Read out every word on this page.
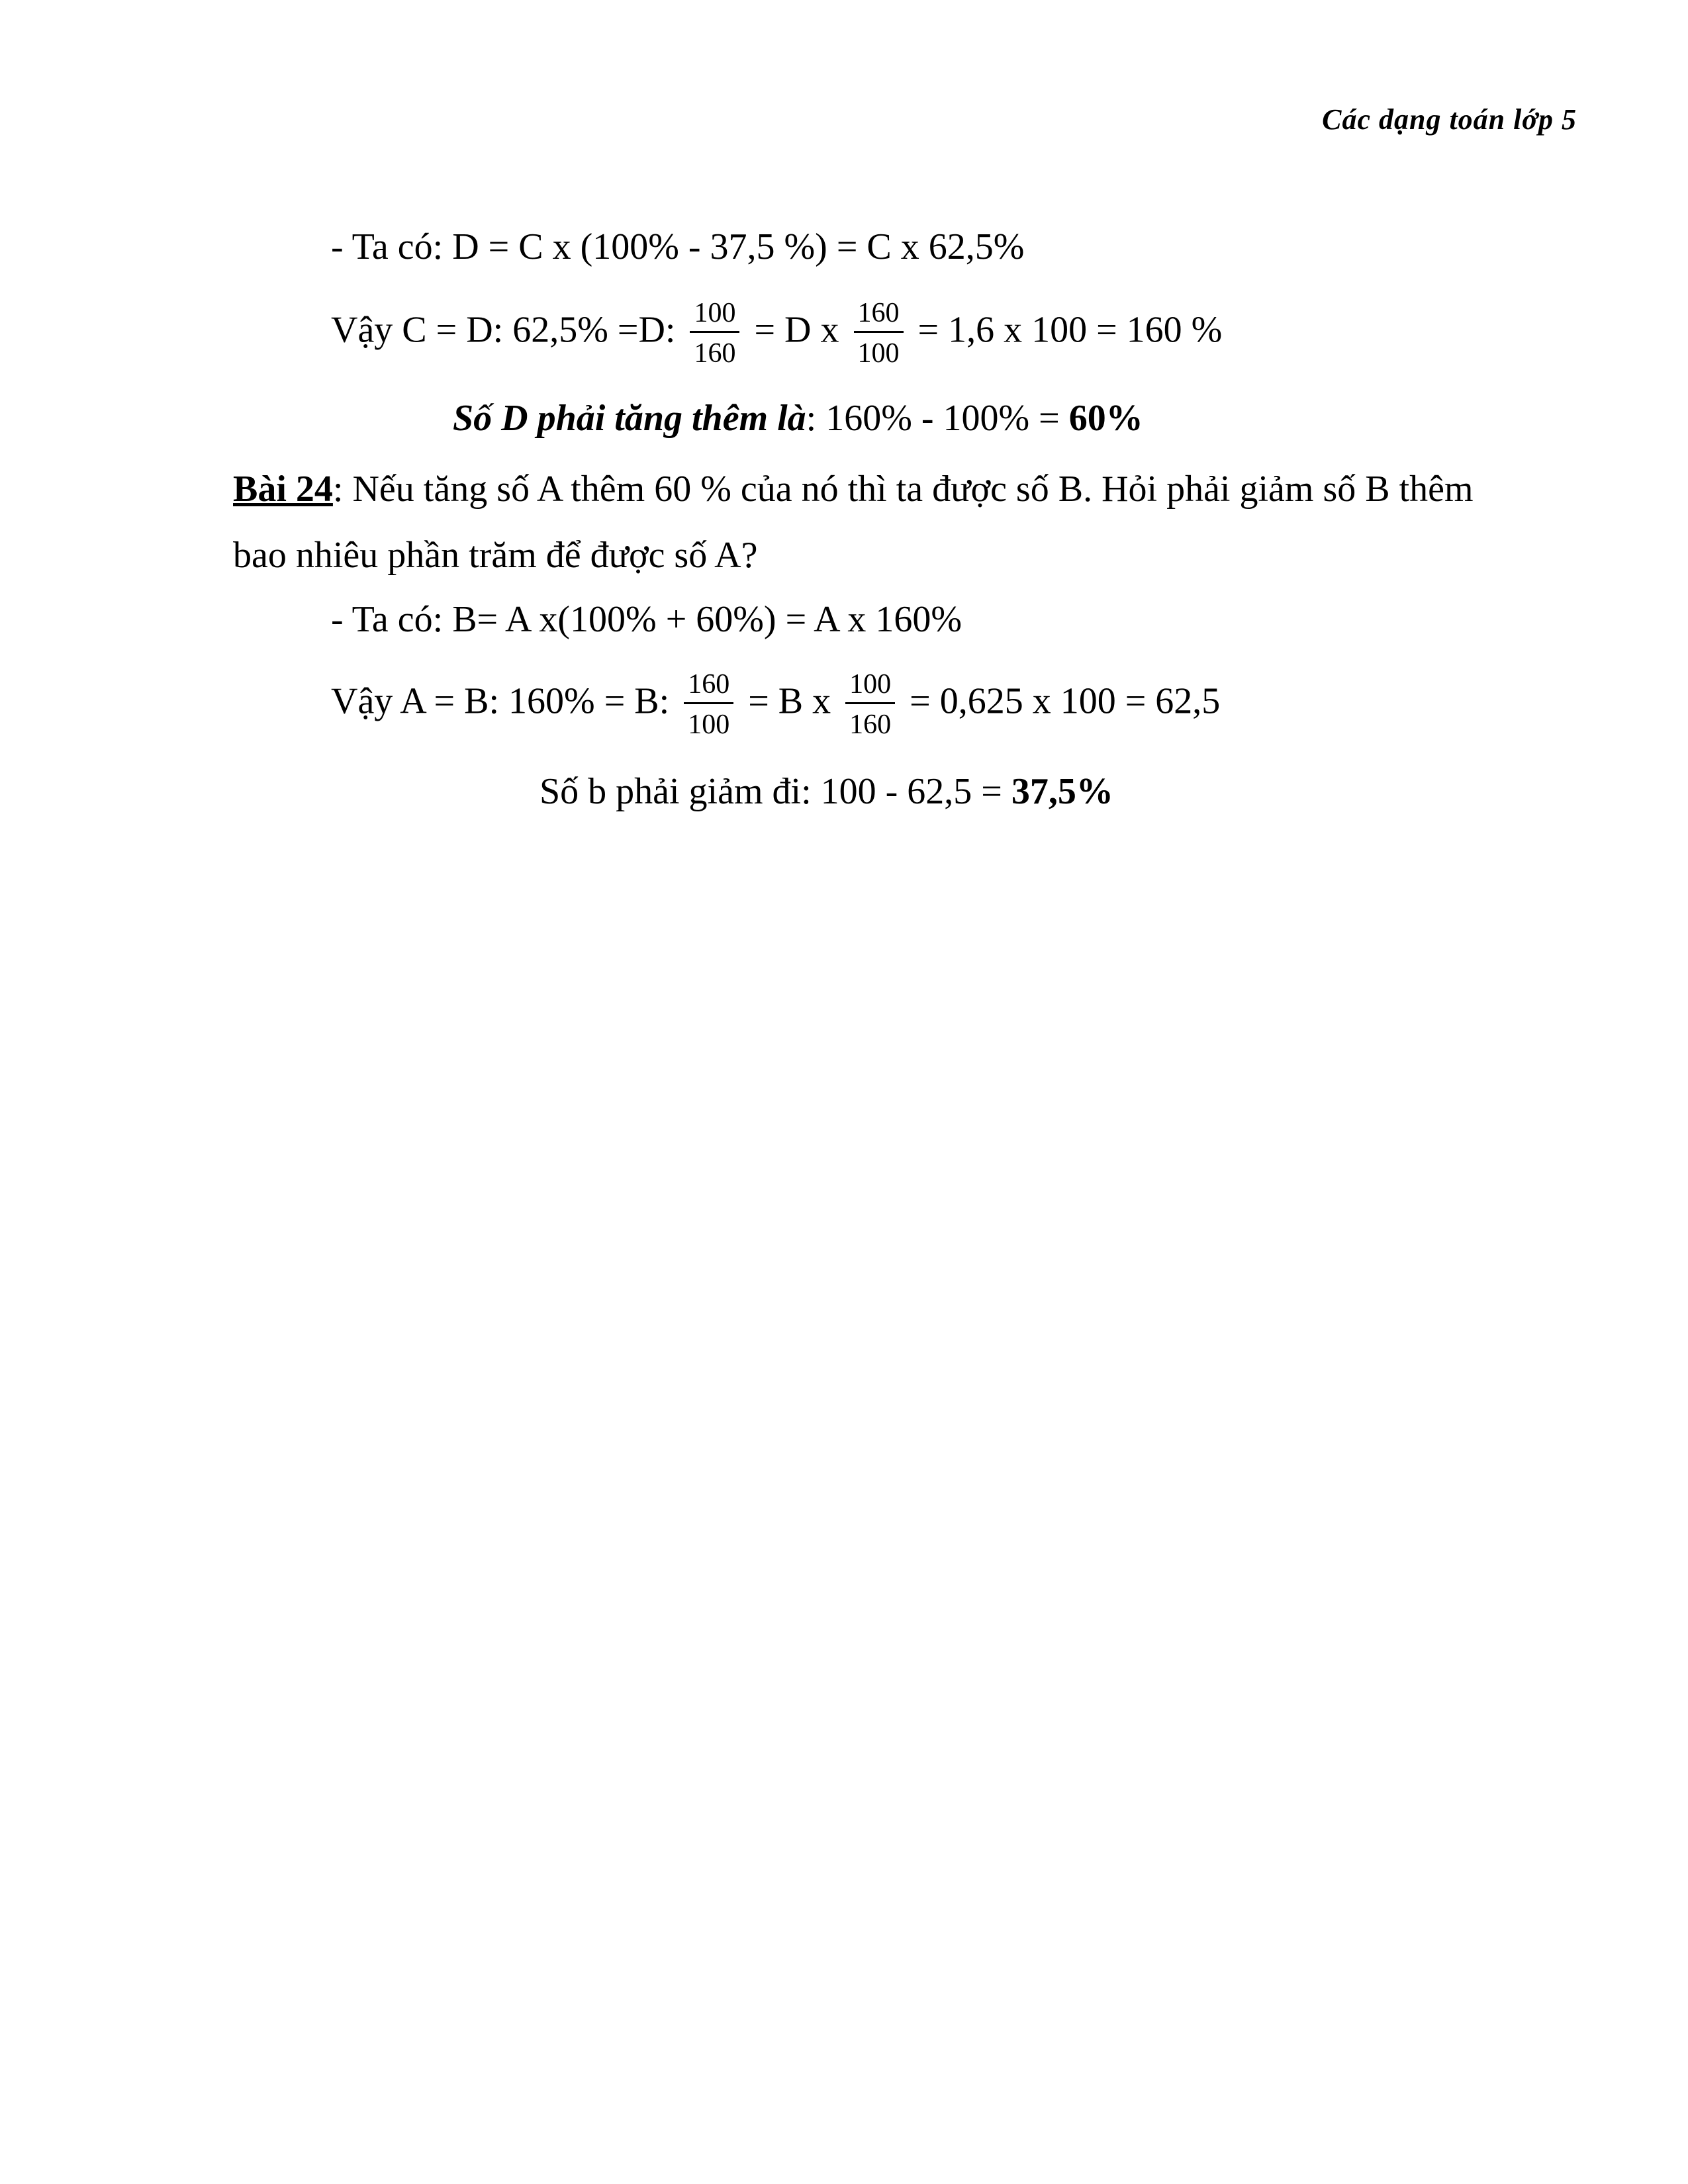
Các dạng toán lớp 5
- Ta có: D = C x (100% - 37,5 %) = C x 62,5%
Vậy C = D: 62,5% =D: $\frac{100}{160} = D$ x $\frac{160}{100} = 1,6$ x 100 = 160 %
Số D phải tăng thêm là: 160% - 100% = 60%
Bài 24: Nếu tăng số A thêm 60 % của nó thì ta được số B. Hỏi phải giảm số B thêm
bao nhiêu phần trăm để được số A?
- Ta có: B= A x(100% + 60%) = A x 160%
Vậy A = B: 160% = B: $\frac{160}{100} = B$ x $\frac{100}{160} = 0,625$ x 100 = 62,5
Số b phải giảm đi: 100 - 62,5 = 37,5%
